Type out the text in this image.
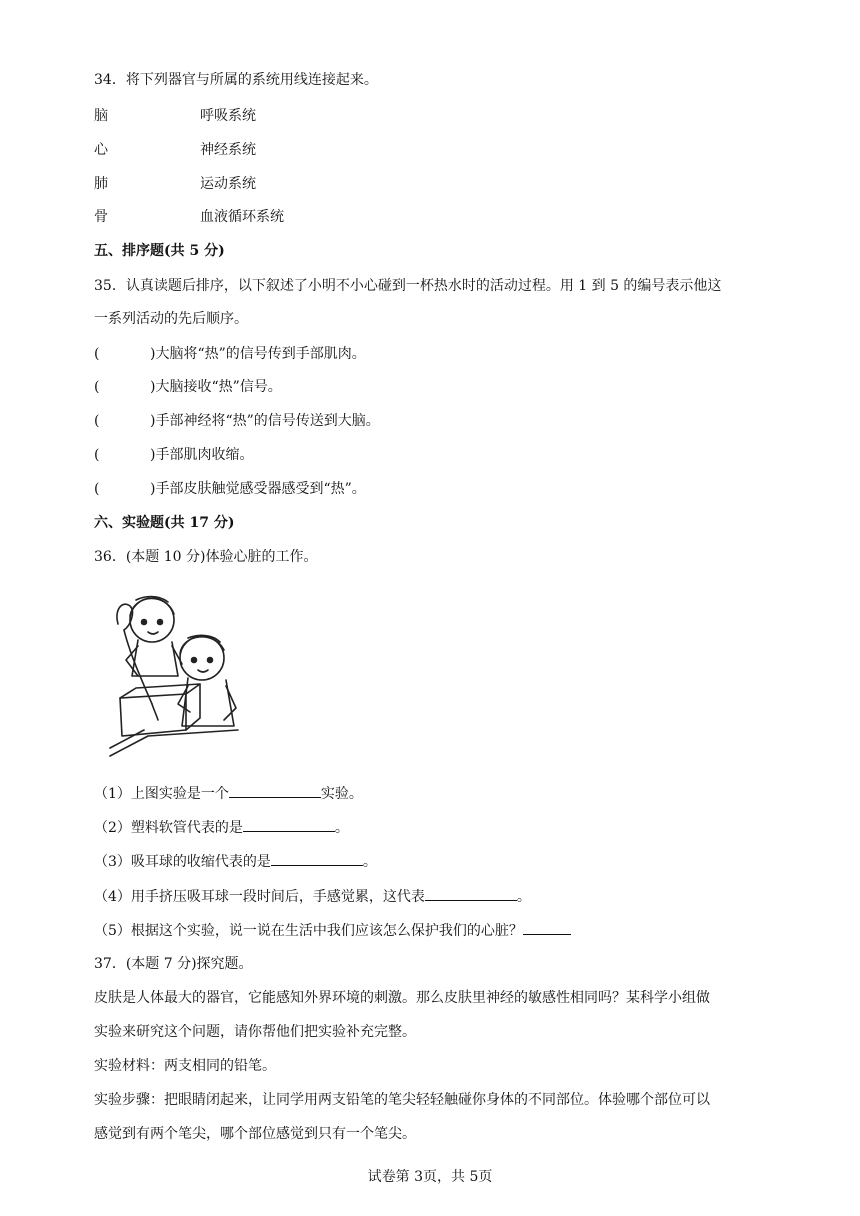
34．将下列器官与所属的系统用线连接起来。
脑	呼吸系统
心	神经系统
肺	运动系统
骨	血液循环系统
五、排序题(共 5 分)
35．认真读题后排序，以下叙述了小明不小心碰到一杯热水时的活动过程。用 1 到 5 的编号表示他这
一系列活动的先后顺序。
(	)大脑将“热”的信号传到手部肌肉。
(	)大脑接收“热”信号。
(	)手部神经将“热”的信号传送到大脑。
(	)手部肌肉收缩。
(	)手部皮肤触觉感受器感受到“热”。
六、实验题(共 17 分)
36．(本题 10 分)体验心脏的工作。
（1）上图实验是一个	实验。
（2）塑料软管代表的是	。
（3）吸耳球的收缩代表的是	。
（4）用手挤压吸耳球一段时间后，手感觉累，这代表	。
（5）根据这个实验，说一说在生活中我们应该怎么保护我们的心脏？
37．(本题 7 分)探究题。
皮肤是人体最大的器官，它能感知外界环境的刺激。那么皮肤里神经的敏感性相同吗？某科学小组做
实验来研究这个问题，请你帮他们把实验补充完整。
实验材料：两支相同的铅笔。
实验步骤：把眼睛闭起来，让同学用两支铅笔的笔尖轻轻触碰你身体的不同部位。体验哪个部位可以
感觉到有两个笔尖，哪个部位感觉到只有一个笔尖。
试卷第 3页，共 5页
